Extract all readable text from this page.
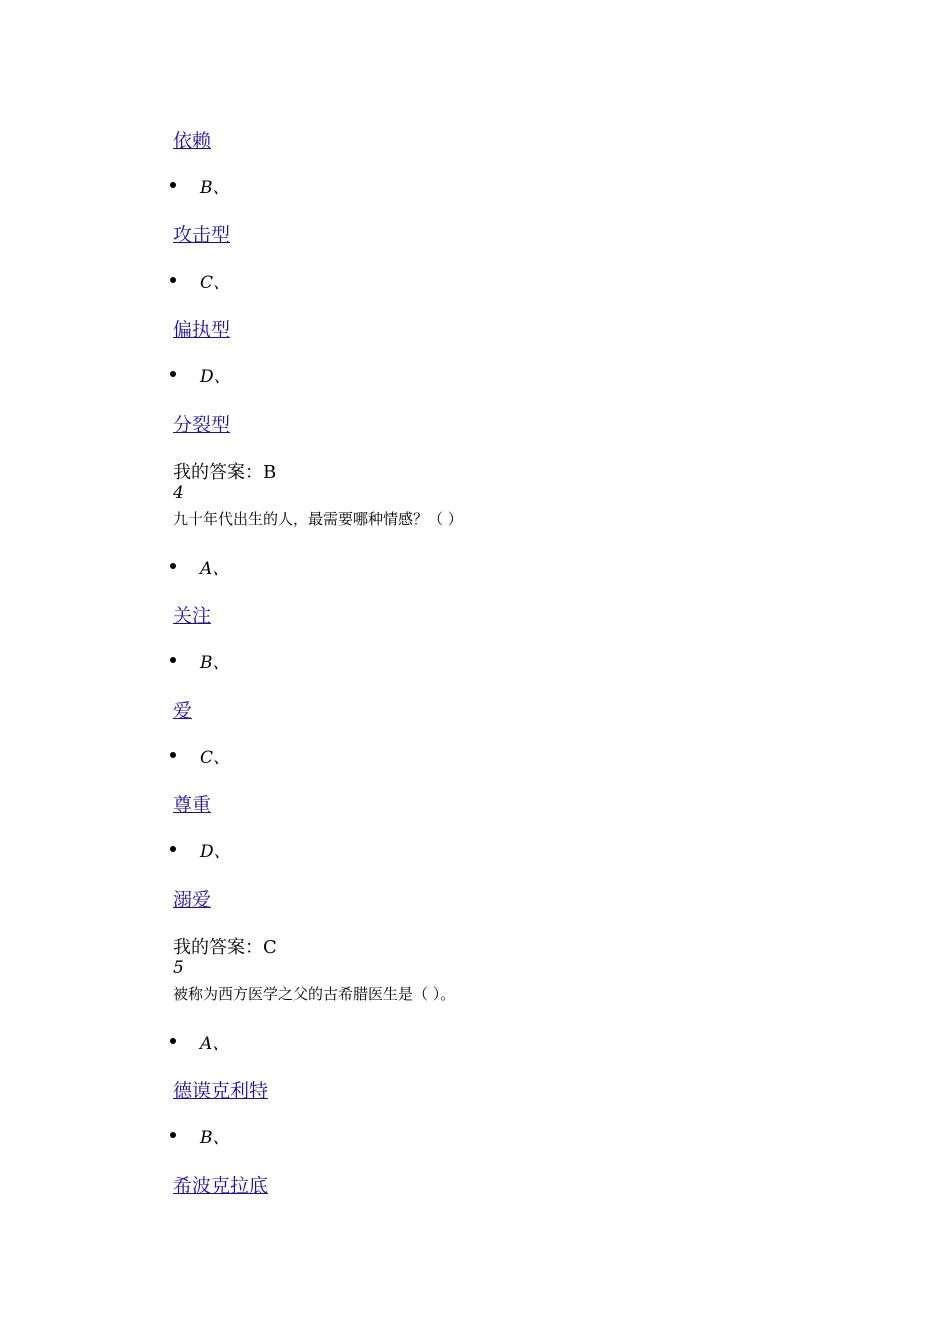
依赖
B、
攻击型
C、
偏执型
D、
分裂型
我的答案：B
4
九十年代出生的人，最需要哪种情感？（ ）
A、
关注
B、
爱
C、
尊重
D、
溺爱
我的答案：C
5
被称为西方医学之父的古希腊医生是（ ）。
A、
德谟克利特
B、
希波克拉底
